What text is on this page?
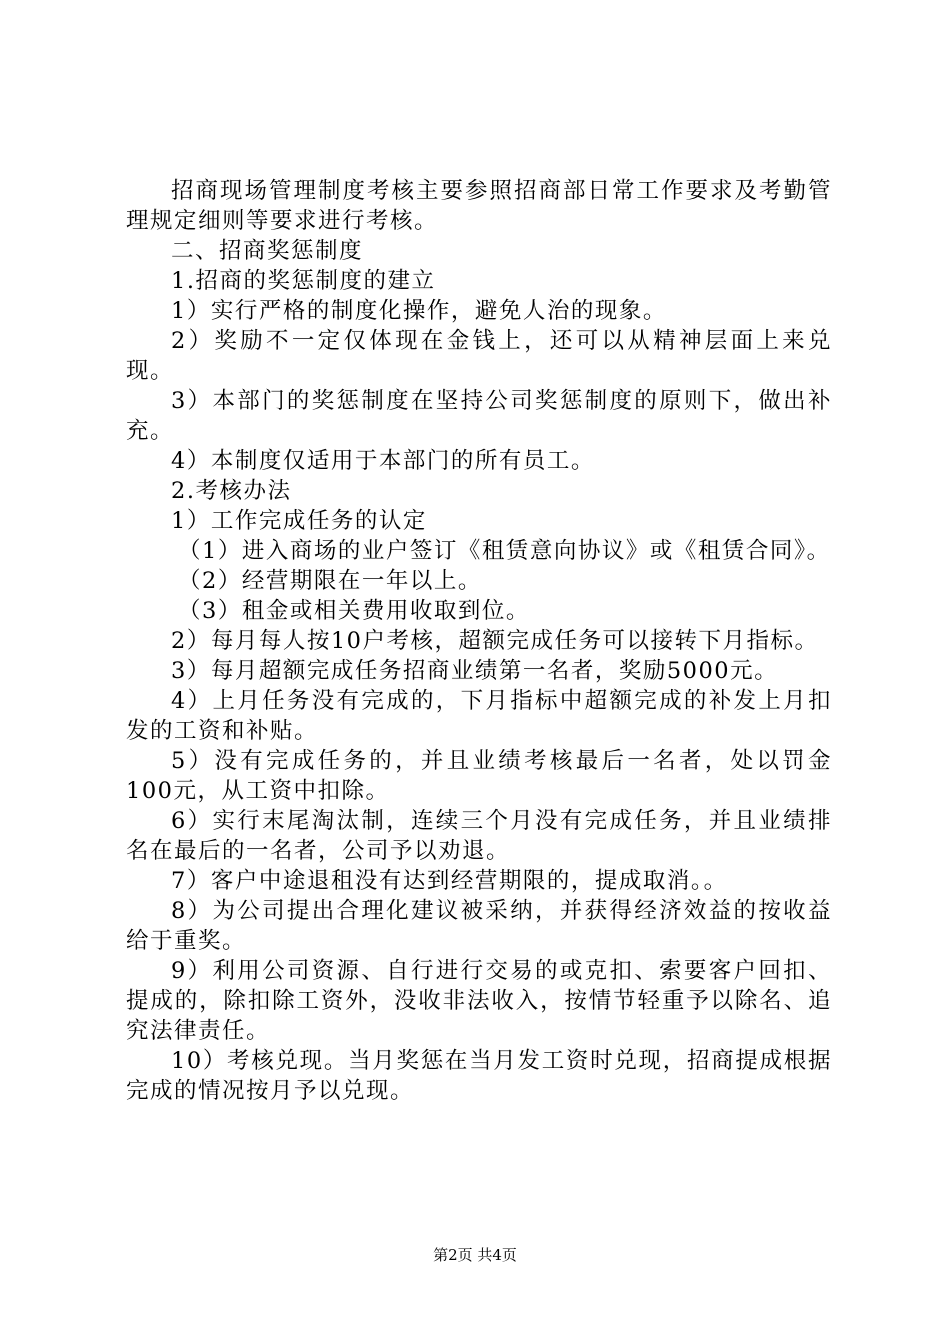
招商现场管理制度考核主要参照招商部日常工作要求及考勤管理规定细则等要求进行考核。

二、招商奖惩制度

1.招商的奖惩制度的建立

1）实行严格的制度化操作，避免人治的现象。

2）奖励不一定仅体现在金钱上，还可以从精神层面上来兑现。

3）本部门的奖惩制度在坚持公司奖惩制度的原则下，做出补充。

4）本制度仅适用于本部门的所有员工。

2.考核办法

1）工作完成任务的认定

（1）进入商场的业户签订《租赁意向协议》或《租赁合同》。

（2）经营期限在一年以上。

（3）租金或相关费用收取到位。

2）每月每人按10户考核，超额完成任务可以接转下月指标。

3）每月超额完成任务招商业绩第一名者，奖励5000元。

4）上月任务没有完成的，下月指标中超额完成的补发上月扣发的工资和补贴。

5）没有完成任务的，并且业绩考核最后一名者，处以罚金100元，从工资中扣除。

6）实行末尾淘汰制，连续三个月没有完成任务，并且业绩排名在最后的一名者，公司予以劝退。

7）客户中途退租没有达到经营期限的，提成取消。。

8）为公司提出合理化建议被采纳，并获得经济效益的按收益给于重奖。

9）利用公司资源、自行进行交易的或克扣、索要客户回扣、提成的，除扣除工资外，没收非法收入，按情节轻重予以除名、追究法律责任。

10）考核兑现。当月奖惩在当月发工资时兑现，招商提成根据完成的情况按月予以兑现。

第2页 共4页
